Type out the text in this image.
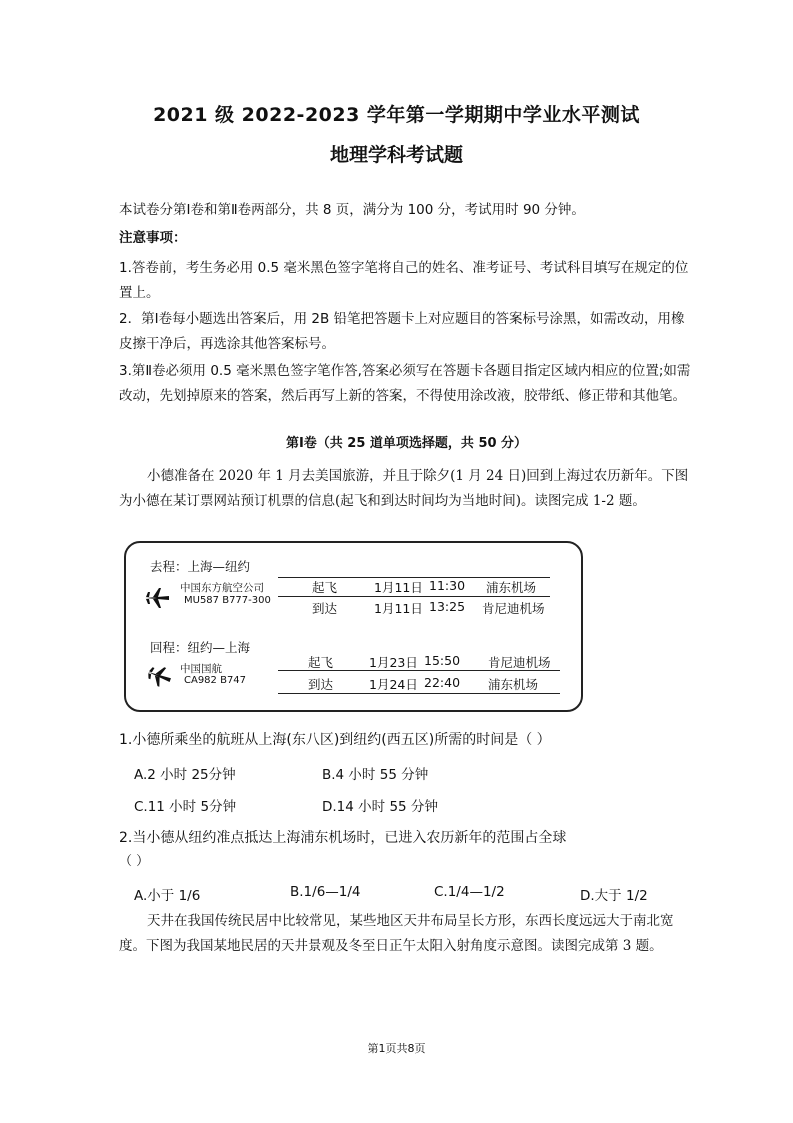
2021 级 2022-2023 学年第一学期期中学业水平测试
地理学科考试题
本试卷分第Ⅰ卷和第Ⅱ卷两部分，共 8 页，满分为 100 分，考试用时 90 分钟。
注意事项：
1.答卷前，考生务必用 0.5 毫米黑色签字笔将自己的姓名、准考证号、考试科目填写在规定的位置上。
2．第Ⅰ卷每小题选出答案后，用 2B 铅笔把答题卡上对应题目的答案标号涂黑，如需改动，用橡皮擦干净后，再选涂其他答案标号。
3.第Ⅱ卷必须用 0.5 毫米黑色签字笔作答,答案必须写在答题卡各题目指定区域内相应的位置;如需改动，先划掉原来的答案，然后再写上新的答案，不得使用涂改液，胶带纸、修正带和其他笔。
第Ⅰ卷（共 25 道单项选择题，共 50 分）
小德准备在 2020 年 1 月去美国旅游，并且于除夕(1 月 24 日)回到上海过农历新年。下图为小德在某订票网站预订机票的信息(起飞和到达时间均为当地时间)。读图完成 1-2 题。
去程：上海—纽约
中国东方航空公司
MU587 B777-300
起飞	1月11日 11:30 浦东机场
到达	1月11日 13:25 肯尼迪机场
回程：纽约—上海
中国国航
CA982 B747
起飞	1月23日 15:50 肯尼迪机场
到达	1月24日 22:40 浦东机场
1.小德所乘坐的航班从上海(东八区)到纽约(西五区)所需的时间是（ ）
A.2 小时 25分钟	B.4 小时 55 分钟
C.11 小时 5分钟	D.14 小时 55 分钟
2.当小德从纽约准点抵达上海浦东机场时，已进入农历新年的范围占全球
（ ）
A.小于 1/6	B.1/6—1/4	C.1/4—1/2	D.大于 1/2
天井在我国传统民居中比较常见，某些地区天井布局呈长方形，东西长度远远大于南北宽度。下图为我国某地民居的天井景观及冬至日正午太阳入射角度示意图。读图完成第 3 题。
第1页共8页
